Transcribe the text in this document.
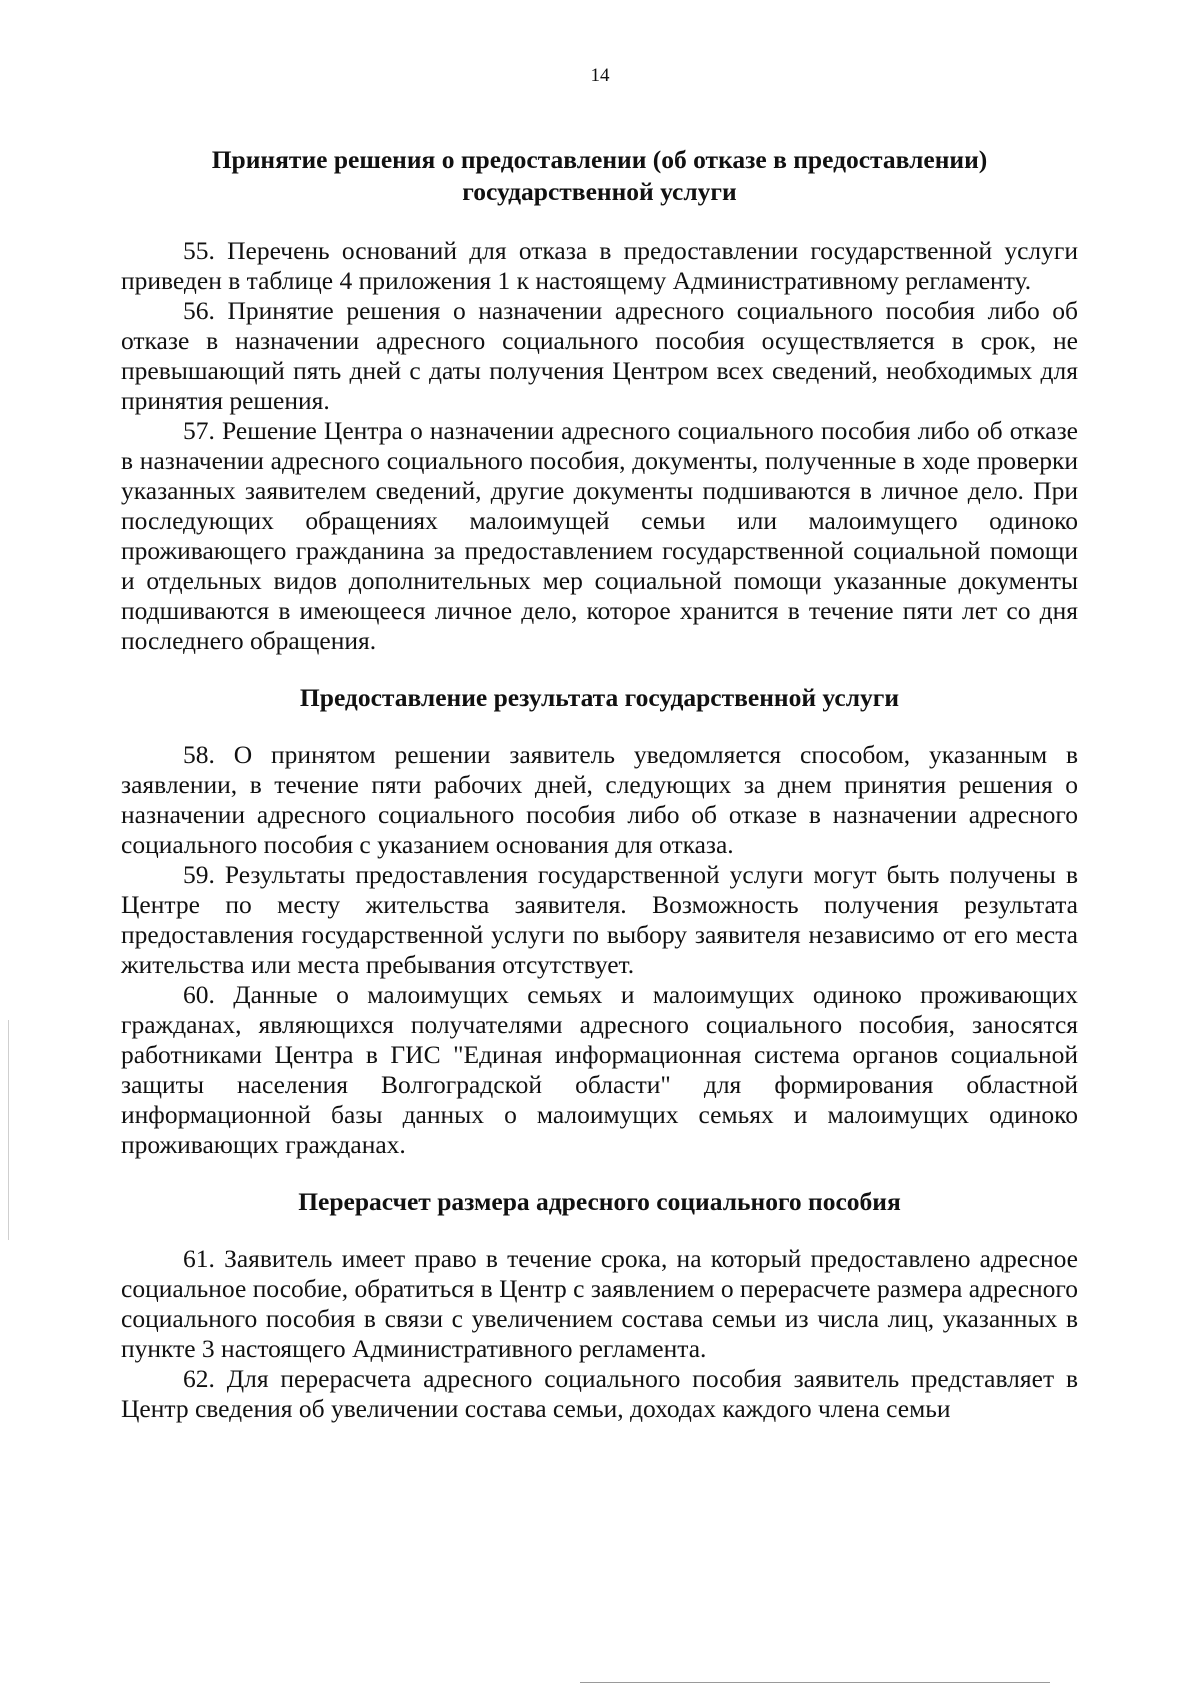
14
Принятие решения о предоставлении (об отказе в предоставлении)
государственной услуги

55. Перечень оснований для отказа в предоставлении государственной услуги приведен в таблице 4 приложения 1 к настоящему Административному регламенту.

56. Принятие решения о назначении адресного социального пособия либо об отказе в назначении адресного социального пособия осуществляется в срок, не превышающий пять дней с даты получения Центром всех сведений, необходимых для принятия решения.

57. Решение Центра о назначении адресного социального пособия либо об отказе в назначении адресного социального пособия, документы, полученные в ходе проверки указанных заявителем сведений, другие документы подшиваются в личное дело. При последующих обращениях малоимущей семьи или малоимущего одиноко проживающего гражданина за предоставлением государственной социальной помощи и отдельных видов дополнительных мер социальной помощи указанные документы подшиваются в имеющееся личное дело, которое хранится в течение пяти лет со дня последнего обращения.

Предоставление результата государственной услуги

58. О принятом решении заявитель уведомляется способом, указанным в заявлении, в течение пяти рабочих дней, следующих за днем принятия решения о назначении адресного социального пособия либо об отказе в назначении адресного социального пособия с указанием основания для отказа.

59. Результаты предоставления государственной услуги могут быть получены в Центре по месту жительства заявителя. Возможность получения результата предоставления государственной услуги по выбору заявителя независимо от его места жительства или места пребывания отсутствует.

60. Данные о малоимущих семьях и малоимущих одиноко проживающих гражданах, являющихся получателями адресного социального пособия, заносятся работниками Центра в ГИС "Единая информационная система органов социальной защиты населения Волгоградской области" для формирования областной информационной базы данных о малоимущих семьях и малоимущих одиноко проживающих гражданах.

Перерасчет размера адресного социального пособия

61. Заявитель имеет право в течение срока, на который предоставлено адресное социальное пособие, обратиться в Центр с заявлением о перерасчете размера адресного социального пособия в связи с увеличением состава семьи из числа лиц, указанных в пункте 3 настоящего Административного регламента.

62. Для перерасчета адресного социального пособия заявитель представляет в Центр сведения об увеличении состава семьи, доходах каждого члена семьи
